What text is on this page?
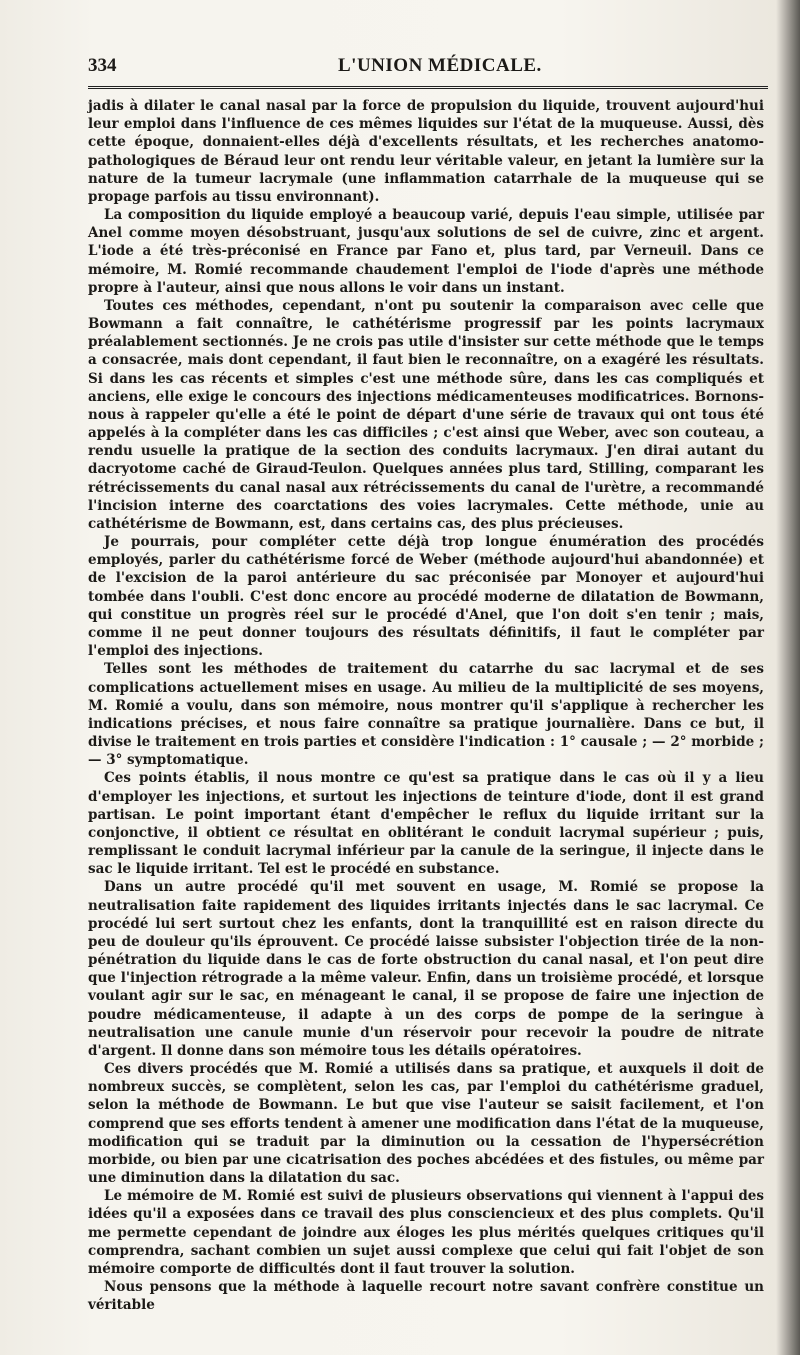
334	L'UNION MÉDICALE.

jadis à dilater le canal nasal par la force de propulsion du liquide, trouvent aujourd'hui leur emploi dans l'influence de ces mêmes liquides sur l'état de la muqueuse. Aussi, dès cette époque, donnaient-elles déjà d'excellents résultats, et les recherches anatomo-pathologiques de Béraud leur ont rendu leur véritable valeur, en jetant la lumière sur la nature de la tumeur lacrymale (une inflammation catarrhale de la muqueuse qui se propage parfois au tissu environnant).

La composition du liquide employé a beaucoup varié, depuis l'eau simple, utilisée par Anel comme moyen désobstruant, jusqu'aux solutions de sel de cuivre, zinc et argent. L'iode a été très-préconisé en France par Fano et, plus tard, par Verneuil. Dans ce mémoire, M. Romié recommande chaudement l'emploi de l'iode d'après une méthode propre à l'auteur, ainsi que nous allons le voir dans un instant.

Toutes ces méthodes, cependant, n'ont pu soutenir la comparaison avec celle que Bowmann a fait connaître, le cathétérisme progressif par les points lacrymaux préalablement sectionnés. Je ne crois pas utile d'insister sur cette méthode que le temps a consacrée, mais dont cependant, il faut bien le reconnaître, on a exagéré les résultats. Si dans les cas récents et simples c'est une méthode sûre, dans les cas compliqués et anciens, elle exige le concours des injections médicamenteuses modificatrices. Bornons-nous à rappeler qu'elle a été le point de départ d'une série de travaux qui ont tous été appelés à la compléter dans les cas difficiles ; c'est ainsi que Weber, avec son couteau, a rendu usuelle la pratique de la section des conduits lacrymaux. J'en dirai autant du dacryotome caché de Giraud-Teulon. Quelques années plus tard, Stilling, comparant les rétrécissements du canal nasal aux rétrécissements du canal de l'urètre, a recommandé l'incision interne des coarctations des voies lacrymales. Cette méthode, unie au cathétérisme de Bowmann, est, dans certains cas, des plus précieuses.

Je pourrais, pour compléter cette déjà trop longue énumération des procédés employés, parler du cathétérisme forcé de Weber (méthode aujourd'hui abandonnée) et de l'excision de la paroi antérieure du sac préconisée par Monoyer et aujourd'hui tombée dans l'oubli. C'est donc encore au procédé moderne de dilatation de Bowmann, qui constitue un progrès réel sur le procédé d'Anel, que l'on doit s'en tenir ; mais, comme il ne peut donner toujours des résultats définitifs, il faut le compléter par l'emploi des injections.

Telles sont les méthodes de traitement du catarrhe du sac lacrymal et de ses complications actuellement mises en usage. Au milieu de la multiplicité de ses moyens, M. Romié a voulu, dans son mémoire, nous montrer qu'il s'applique à rechercher les indications précises, et nous faire connaître sa pratique journalière. Dans ce but, il divise le traitement en trois parties et considère l'indication : 1° causale ; — 2° morbide ; — 3° symptomatique.

Ces points établis, il nous montre ce qu'est sa pratique dans le cas où il y a lieu d'employer les injections, et surtout les injections de teinture d'iode, dont il est grand partisan. Le point important étant d'empêcher le reflux du liquide irritant sur la conjonctive, il obtient ce résultat en oblitérant le conduit lacrymal supérieur ; puis, remplissant le conduit lacrymal inférieur par la canule de la seringue, il injecte dans le sac le liquide irritant. Tel est le procédé en substance.

Dans un autre procédé qu'il met souvent en usage, M. Romié se propose la neutralisation faite rapidement des liquides irritants injectés dans le sac lacrymal. Ce procédé lui sert surtout chez les enfants, dont la tranquillité est en raison directe du peu de douleur qu'ils éprouvent. Ce procédé laisse subsister l'objection tirée de la non-pénétration du liquide dans le cas de forte obstruction du canal nasal, et l'on peut dire que l'injection rétrograde a la même valeur. Enfin, dans un troisième procédé, et lorsque voulant agir sur le sac, en ménageant le canal, il se propose de faire une injection de poudre médicamenteuse, il adapte à un des corps de pompe de la seringue à neutralisation une canule munie d'un réservoir pour recevoir la poudre de nitrate d'argent. Il donne dans son mémoire tous les détails opératoires.

Ces divers procédés que M. Romié a utilisés dans sa pratique, et auxquels il doit de nombreux succès, se complètent, selon les cas, par l'emploi du cathétérisme graduel, selon la méthode de Bowmann. Le but que vise l'auteur se saisit facilement, et l'on comprend que ses efforts tendent à amener une modification dans l'état de la muqueuse, modification qui se traduit par la diminution ou la cessation de l'hypersécrétion morbide, ou bien par une cicatrisation des poches abcédées et des fistules, ou même par une diminution dans la dilatation du sac.

Le mémoire de M. Romié est suivi de plusieurs observations qui viennent à l'appui des idées qu'il a exposées dans ce travail des plus consciencieux et des plus complets. Qu'il me permette cependant de joindre aux éloges les plus mérités quelques critiques qu'il comprendra, sachant combien un sujet aussi complexe que celui qui fait l'objet de son mémoire comporte de difficultés dont il faut trouver la solution.

Nous pensons que la méthode à laquelle recourt notre savant confrère constitue un véritable
